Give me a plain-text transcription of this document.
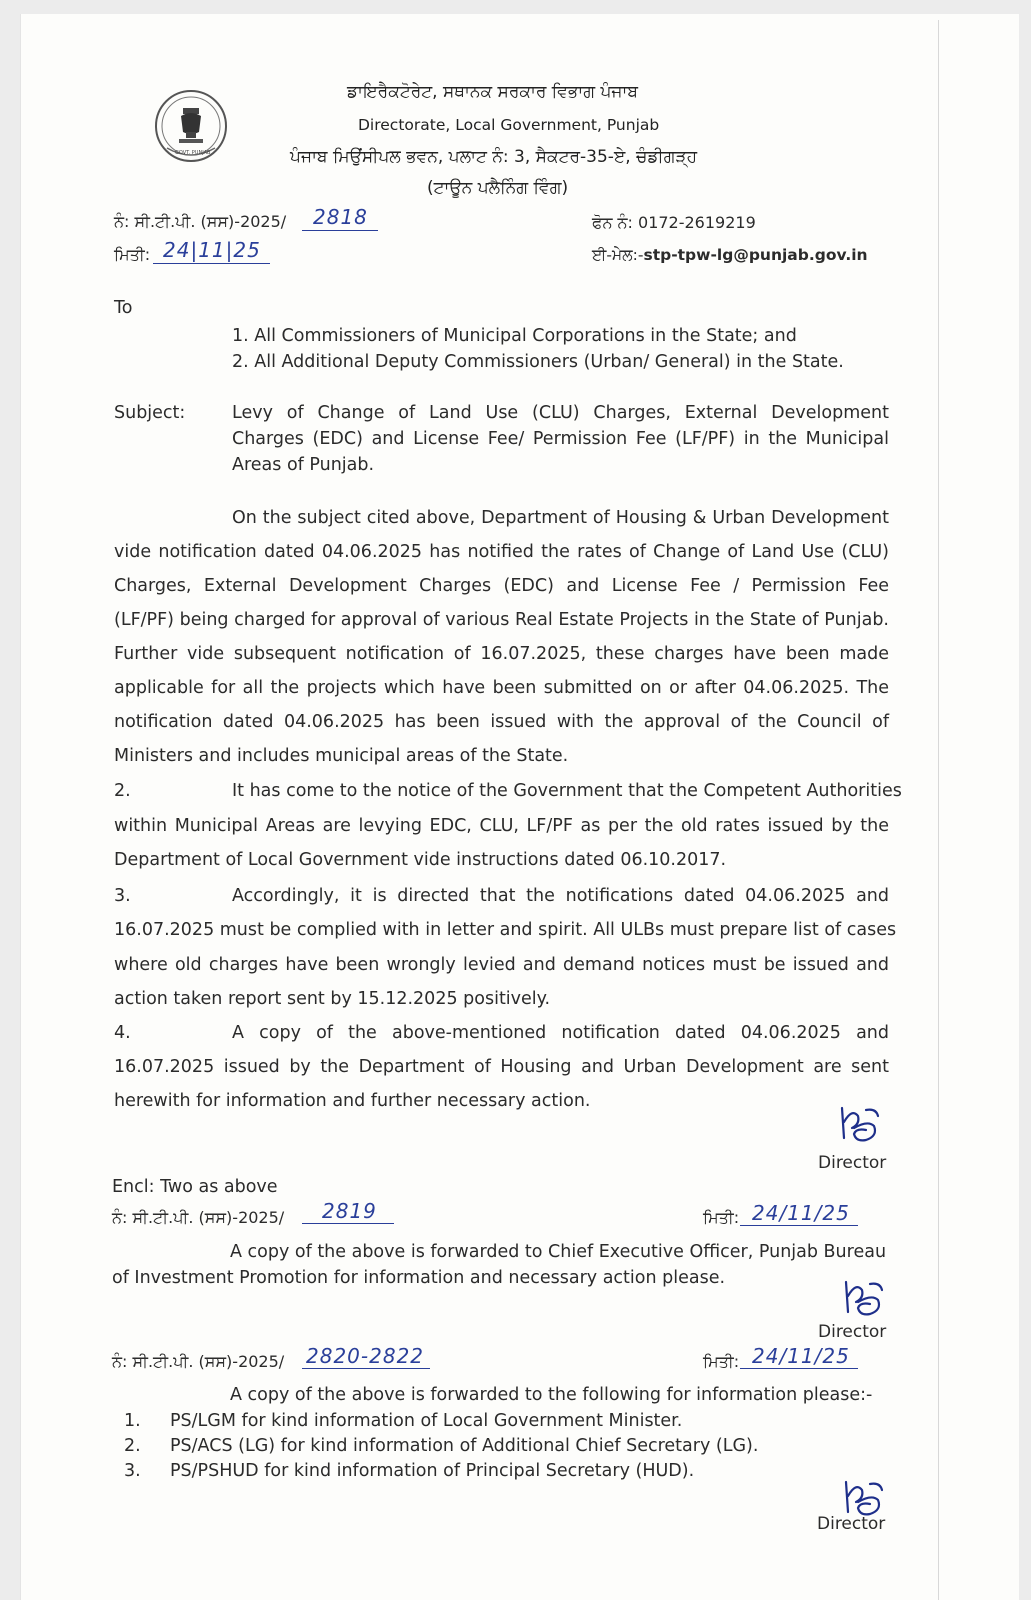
GOVT. PUNJAB
ਡਾਇਰੈਕਟੋਰੇਟ, ਸਥਾਨਕ ਸਰਕਾਰ ਵਿਭਾਗ ਪੰਜਾਬ
Directorate, Local Government, Punjab
ਪੰਜਾਬ ਮਿਉਂਸੀਪਲ ਭਵਨ, ਪਲਾਟ ਨੰ: 3, ਸੈਕਟਰ-35-ਏ, ਚੰਡੀਗੜ੍ਹ
(ਟਾਊਨ ਪਲੈਨਿੰਗ ਵਿੰਗ)
ਨੰ: ਸੀ.ਟੀ.ਪੀ. (ਸਸ)-2025/ 2818
ਮਿਤੀ: 24|11|25
ਫੋਨ ਨੰ: 0172-2619219
ਈ-ਮੇਲ:-stp-tpw-lg@punjab.gov.in
To
1. All Commissioners of Municipal Corporations in the State; and
2. All Additional Deputy Commissioners (Urban/ General) in the State.
Subject:	Levy of Change of Land Use (CLU) Charges, External Development
Charges (EDC) and License Fee/ Permission Fee (LF/PF) in the Municipal
Areas of Punjab.
On the subject cited above, Department of Housing & Urban Development
vide notification dated 04.06.2025 has notified the rates of Change of Land Use (CLU)
Charges, External Development Charges (EDC) and License Fee / Permission Fee
(LF/PF) being charged for approval of various Real Estate Projects in the State of Punjab.
Further vide subsequent notification of 16.07.2025, these charges have been made
applicable for all the projects which have been submitted on or after 04.06.2025. The
notification dated 04.06.2025 has been issued with the approval of the Council of
Ministers and includes municipal areas of the State.
2.	It has come to the notice of the Government that the Competent Authorities
within Municipal Areas are levying EDC, CLU, LF/PF as per the old rates issued by the
Department of Local Government vide instructions dated 06.10.2017.
3.	Accordingly, it is directed that the notifications dated 04.06.2025 and
16.07.2025 must be complied with in letter and spirit. All ULBs must prepare list of cases
where old charges have been wrongly levied and demand notices must be issued and
action taken report sent by 15.12.2025 positively.
4.	A copy of the above-mentioned notification dated 04.06.2025 and
16.07.2025 issued by the Department of Housing and Urban Development are sent
herewith for information and further necessary action.
Director
Encl: Two as above
ਨੰ: ਸੀ.ਟੀ.ਪੀ. (ਸਸ)-2025/ 2819	ਮਿਤੀ: 24/11/25
A copy of the above is forwarded to Chief Executive Officer, Punjab Bureau
of Investment Promotion for information and necessary action please.
Director
ਨੰ: ਸੀ.ਟੀ.ਪੀ. (ਸਸ)-2025/ 2820-2822	ਮਿਤੀ: 24/11/25
A copy of the above is forwarded to the following for information please:-
1. PS/LGM for kind information of Local Government Minister.
2. PS/ACS (LG) for kind information of Additional Chief Secretary (LG).
3. PS/PSHUD for kind information of Principal Secretary (HUD).
Director
